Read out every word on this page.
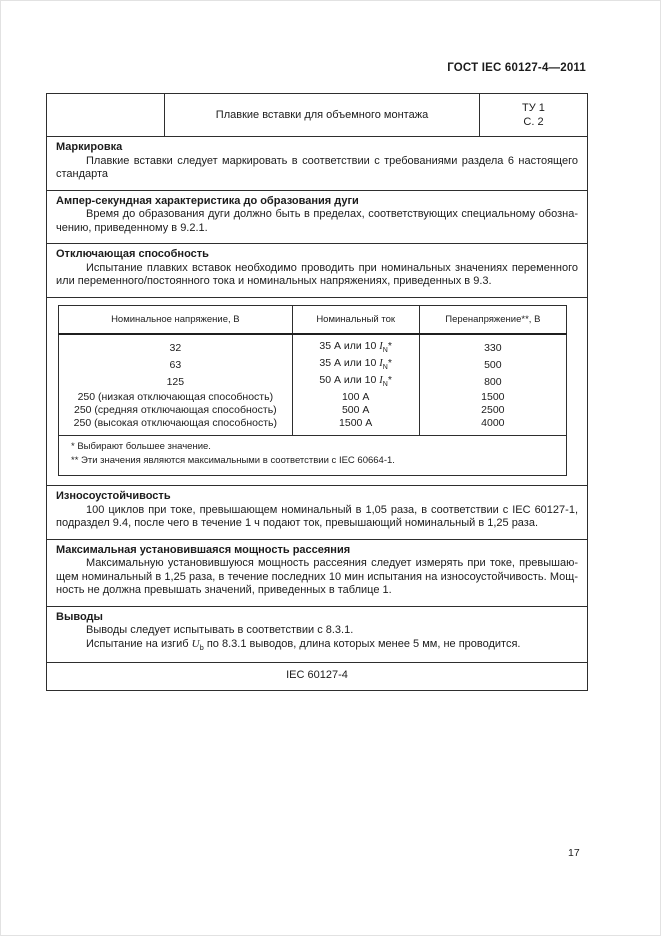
ГОСТ IEC 60127-4—2011
Плавкие вставки для объемного монтажа
ТУ 1
С. 2
Маркировка

Плавкие вставки следует маркировать в соответствии с требованиями раздела 6 настоящего стандарта

Ампер-секундная характеристика до образования дуги

Время до образования дуги должно быть в пределах, соответствующих специальному обозначению, приведенному в 9.2.1.

Отключающая способность

Испытание плавких вставок необходимо проводить при номинальных значениях переменного или переменного/постоянного тока и номинальных напряжениях, приведенных в 9.3.

Номинальное напряжение, В	Номинальный ток	Перенапряжение**, В
32	35 А или 10 $I_N*$	330
63	35 А или 10 $I_N*$	500
125	50 А или 10 $I_N*$	800
250 (низкая отключающая способность)	100 А	1500
250 (средняя отключающая способность)	500 А	2500
250 (высокая отключающая способность)	1500 А	4000

* Выбирают большее значение.
** Эти значения являются максимальными в соответствии с IEC 60664-1.		
Износоустойчивость

100 циклов при токе, превышающем номинальный в 1,05 раза, в соответствии с IEC 60127-1, подраздел 9.4, после чего в течение 1 ч подают ток, превышающий номинальный в 1,25 раза.

Максимальная установившаяся мощность рассеяния

Максимальную установившуюся мощность рассеяния следует измерять при токе, превышающем номинальный в 1,25 раза, в течение последних 10 мин испытания на износоустойчивость. Мощность не должна превышать значений, приведенных в таблице 1.

Выводы

Выводы следует испытывать в соответствии с 8.3.1.

Испытание на изгиб $U_b$ по 8.3.1 выводов, длина которых менее 5 мм, не проводится.

IEC 60127-4
17
